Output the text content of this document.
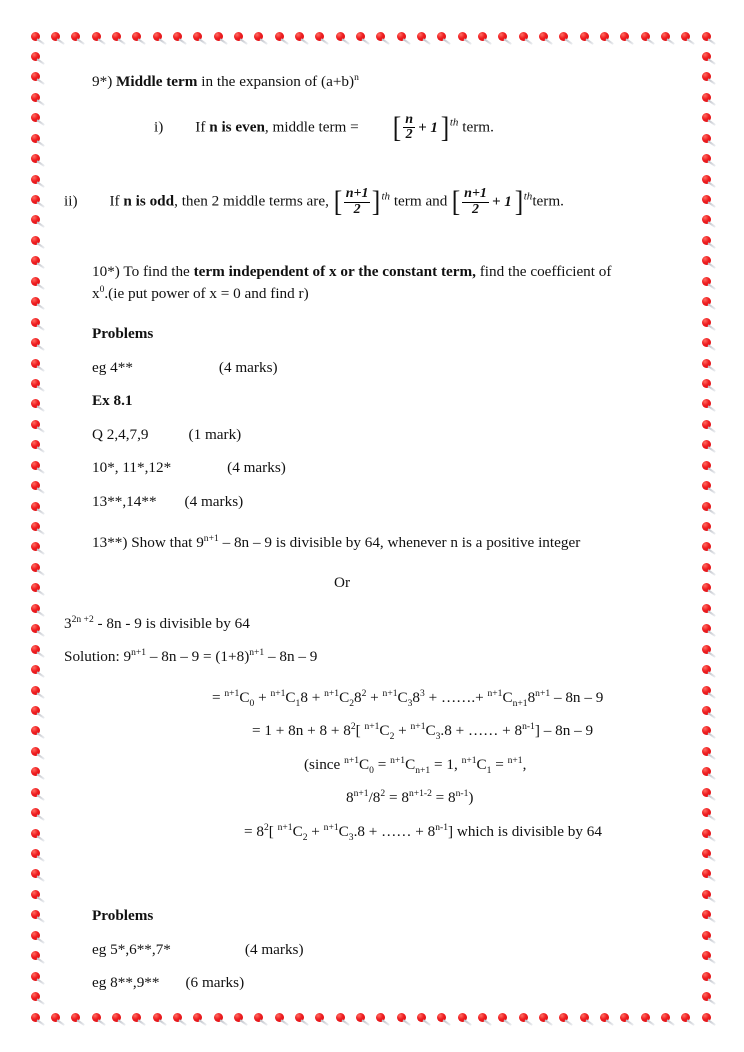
9*) Middle term in the expansion of $(a+b)^n$
i) If n is even, middle term = [ $\frac{n}{2} + 1]^{th}$ term.
ii) If n is odd, then 2 middle terms are, [ $\frac{n+1}{2} ]^{th}$ term and [ $\frac{n+1}{2}$ + 1]$^{th}$term.
10*) To find the term independent of x or the constant term, find the coefficient of $x^0.(ie$ put power of x = 0 and find r)
Problems
eg 4**	(4 marks)
Ex 8.1
Q 2,4,7,9	(1 mark)
10*, 11*,12*	(4 marks)
13**,14** (4 marks)
13**) Show that $9^{n+1} - 8n - 9$ is divisible by 64, whenever n is a positive integer
Or
$3^{2n +2} - 8n - 9$ is divisible by 64
Solution: $9^{n+1} - 8n - 9 = (1+8)^{n+1} - 8n - 9$
= $^{n+1}C_0 + ^{n+1}C_18 + ^{n+1}C_28^2 + ^{n+1}C_38^3$ + …….+ $^{n+1}C_{n+1}8^{n+1} - 8n - 9$
= $1 + 8n + 8 + 8^2$[ $^{n+1}C_2 + ^{n+1}C_3.8$ + …… + $8^{n-1}] - 8n - 9$
(since $^{n+1}C_0 = ^{n+1}C_{n+1} = 1$, $^{n+1}C_1 = ^{n+1}$,
$8^{n+1}/8^2 = 8^{n+1-2} = 8^{n-1}$)
= $8^2$[ $^{n+1}C_2 + ^{n+1}C_3.8$ + …… + $8^{n-1}$] which is divisible by 64
Problems
eg 5*,6**,7*	(4 marks)
eg 8**,9** (6 marks)
